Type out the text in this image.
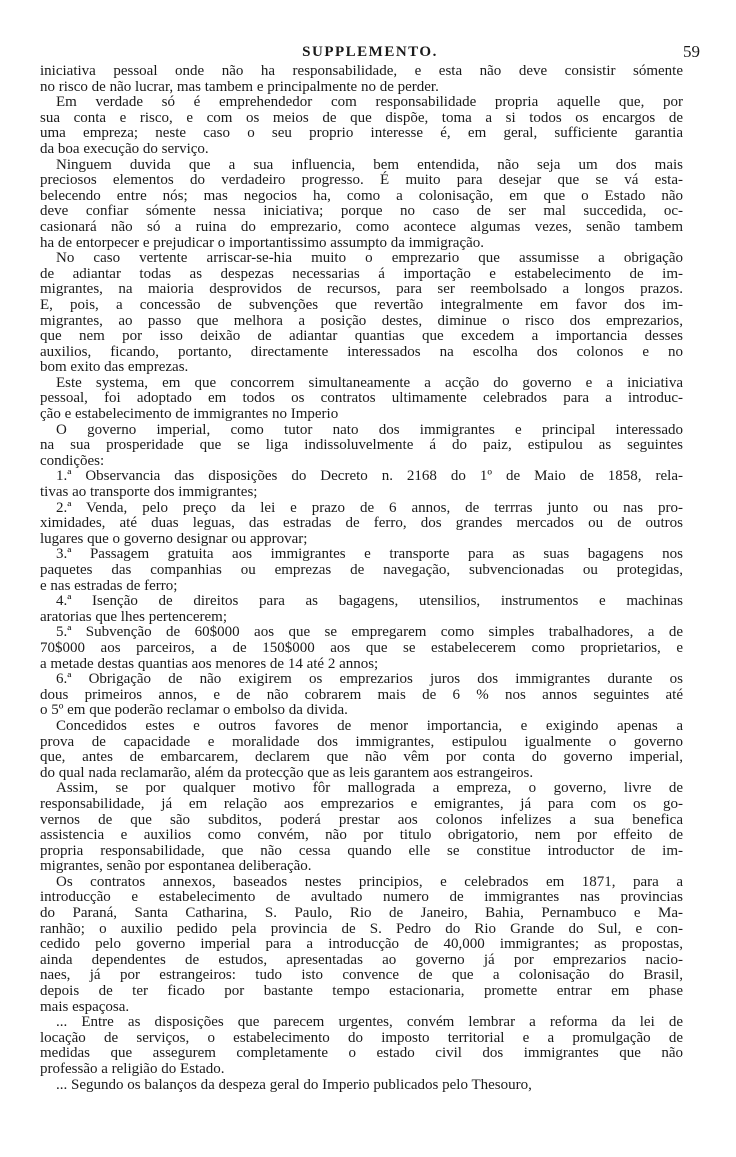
SUPPLEMENTO.	59
iniciativa pessoal onde não ha responsabilidade, e esta não deve consistir sómente
no risco de não lucrar, mas tambem e principalmente no de perder.
Em verdade só é emprehendedor com responsabilidade propria aquelle que, por
sua conta e risco, e com os meios de que dispõe, toma a si todos os encargos de
uma empreza; neste caso o seu proprio interesse é, em geral, sufficiente garantia
da boa execução do serviço.
Ninguem duvida que a sua influencia, bem entendida, não seja um dos mais
preciosos elementos do verdadeiro progresso. É muito para desejar que se vá esta-
belecendo entre nós; mas negocios ha, como a colonisação, em que o Estado não
deve confiar sómente nessa iniciativa; porque no caso de ser mal succedida, oc-
casionará não só a ruina do emprezario, como acontece algumas vezes, senão tambem
ha de entorpecer e prejudicar o importantissimo assumpto da immigração.
No caso vertente arriscar-se-hia muito o emprezario que assumisse a obrigação
de adiantar todas as despezas necessarias á importação e estabelecimento de im-
migrantes, na maioria desprovidos de recursos, para ser reembolsado a longos prazos.
E, pois, a concessão de subvenções que revertão integralmente em favor dos im-
migrantes, ao passo que melhora a posição destes, diminue o risco dos emprezarios,
que nem por isso deixão de adiantar quantias que excedem a importancia desses
auxilios, ficando, portanto, directamente interessados na escolha dos colonos e no
bom exito das emprezas.
Este systema, em que concorrem simultaneamente a acção do governo e a iniciativa
pessoal, foi adoptado em todos os contratos ultimamente celebrados para a introduc-
ção e estabelecimento de immigrantes no Imperio
O governo imperial, como tutor nato dos immigrantes e principal interessado
na sua prosperidade que se liga indissoluvelmente á do paiz, estipulou as seguintes
condições:
1.ª Observancia das disposições do Decreto n. 2168 do 1º de Maio de 1858, rela-
tivas ao transporte dos immigrantes;
2.ª Venda, pelo preço da lei e prazo de 6 annos, de terrras junto ou nas pro-
ximidades, até duas leguas, das estradas de ferro, dos grandes mercados ou de outros
lugares que o governo designar ou approvar;
3.ª Passagem gratuita aos immigrantes e transporte para as suas bagagens nos
paquetes das companhias ou emprezas de navegação, subvencionadas ou protegidas,
e nas estradas de ferro;
4.ª Isenção de direitos para as bagagens, utensilios, instrumentos e machinas
aratorias que lhes pertencerem;
5.ª Subvenção de 60$000 aos que se empregarem como simples trabalhadores, a de
70$000 aos parceiros, a de 150$000 aos que se estabelecerem como proprietarios, e
a metade destas quantias aos menores de 14 até 2 annos;
6.ª Obrigação de não exigirem os emprezarios juros dos immigrantes durante os
dous primeiros annos, e de não cobrarem mais de 6 % nos annos seguintes até
o 5º em que poderão reclamar o embolso da divida.
Concedidos estes e outros favores de menor importancia, e exigindo apenas a
prova de capacidade e moralidade dos immigrantes, estipulou igualmente o governo
que, antes de embarcarem, declarem que não vêm por conta do governo imperial,
do qual nada reclamarão, além da protecção que as leis garantem aos estrangeiros.
Assim, se por qualquer motivo fôr mallograda a empreza, o governo, livre de
responsabilidade, já em relação aos emprezarios e emigrantes, já para com os go-
vernos de que são subditos, poderá prestar aos colonos infelizes a sua benefica
assistencia e auxilios como convém, não por titulo obrigatorio, nem por effeito de
propria responsabilidade, que não cessa quando elle se constitue introductor de im-
migrantes, senão por espontanea deliberação.
Os contratos annexos, baseados nestes principios, e celebrados em 1871, para a
introducção e estabelecimento de avultado numero de immigrantes nas provincias
do Paraná, Santa Catharina, S. Paulo, Rio de Janeiro, Bahia, Pernambuco e Ma-
ranhão; o auxilio pedido pela provincia de S. Pedro do Rio Grande do Sul, e con-
cedido pelo governo imperial para a introducção de 40,000 immigrantes; as propostas,
ainda dependentes de estudos, apresentadas ao governo já por emprezarios nacio-
naes, já por estrangeiros: tudo isto convence de que a colonisação do Brasil,
depois de ter ficado por bastante tempo estacionaria, promette entrar em phase
mais espaçosa.
... Entre as disposições que parecem urgentes, convém lembrar a reforma da lei de
locação de serviços, o estabelecimento do imposto territorial e a promulgação de
medidas que assegurem completamente o estado civil dos immigrantes que não
professão a religião do Estado.
... Segundo os balanços da despeza geral do Imperio publicados pelo Thesouro,
